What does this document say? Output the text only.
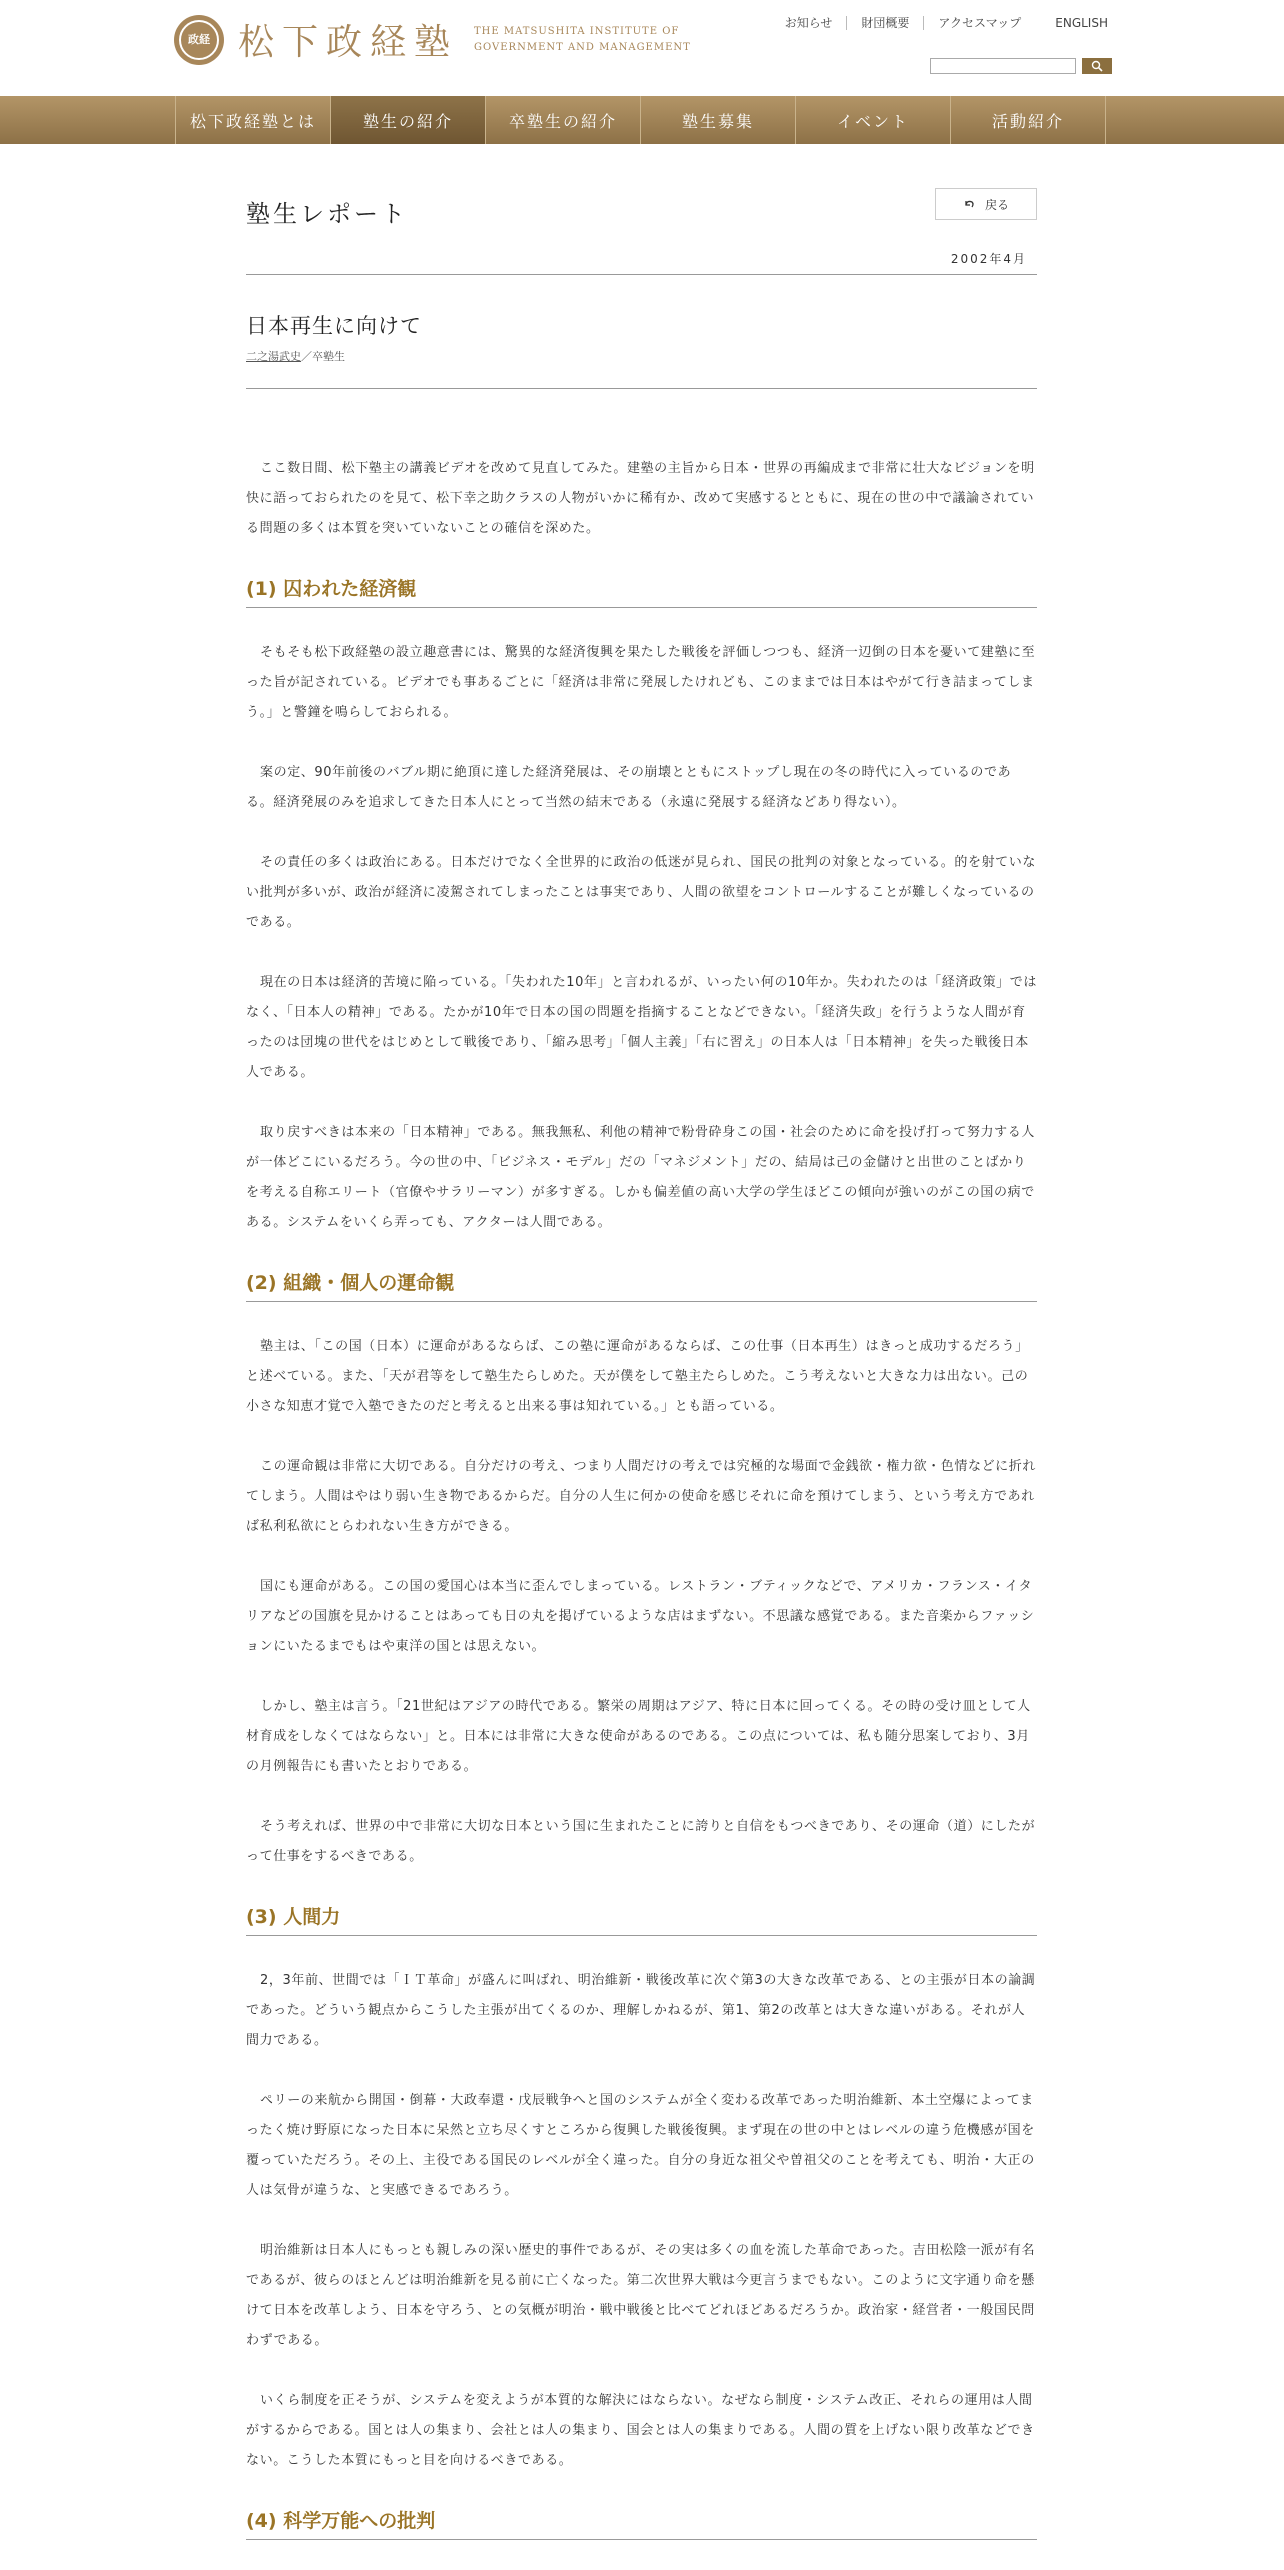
政経 松下政経塾 THE MATSUSHITA INSTITUTE OF
GOVERNMENT AND MANAGEMENT
お知らせ	財団概要	アクセスマップ	ENGLISH
松下政経塾とは	塾生の紹介	卒塾生の紹介	塾生募集	イベント	活動紹介
塾生レポート	戻る
2002年4月
日本再生に向けて
二之湯武史／卒塾生

ここ数日間、松下塾主の講義ビデオを改めて見直してみた。建塾の主旨から日本・世界の再編成まで非常に壮大なビジョンを明快に語っておられたのを見て、松下幸之助クラスの人物がいかに稀有か、改めて実感するとともに、現在の世の中で議論されている問題の多くは本質を突いていないことの確信を深めた。

(1) 囚われた経済観

そもそも松下政経塾の設立趣意書には、驚異的な経済復興を果たした戦後を評価しつつも、経済一辺倒の日本を憂いて建塾に至った旨が記されている。ビデオでも事あるごとに「経済は非常に発展したけれども、このままでは日本はやがて行き詰まってしまう。」と警鐘を鳴らしておられる。

案の定、90年前後のバブル期に絶頂に達した経済発展は、その崩壊とともにストップし現在の冬の時代に入っているのである。経済発展のみを追求してきた日本人にとって当然の結末である（永遠に発展する経済などあり得ない）。

その責任の多くは政治にある。日本だけでなく全世界的に政治の低迷が見られ、国民の批判の対象となっている。的を射ていない批判が多いが、政治が経済に凌駕されてしまったことは事実であり、人間の欲望をコントロールすることが難しくなっているのである。

現在の日本は経済的苦境に陥っている。「失われた10年」と言われるが、いったい何の10年か。失われたのは「経済政策」ではなく、「日本人の精神」である。たかが10年で日本の国の問題を指摘することなどできない。「経済失政」を行うような人間が育ったのは団塊の世代をはじめとして戦後であり、「縮み思考」「個人主義」「右に習え」の日本人は「日本精神」を失った戦後日本人である。

取り戻すべきは本来の「日本精神」である。無我無私、利他の精神で粉骨砕身この国・社会のために命を投げ打って努力する人が一体どこにいるだろう。今の世の中、「ビジネス・モデル」だの「マネジメント」だの、結局は己の金儲けと出世のことばかりを考える自称エリート（官僚やサラリーマン）が多すぎる。しかも偏差値の高い大学の学生ほどこの傾向が強いのがこの国の病である。システムをいくら弄っても、アクターは人間である。

(2) 組織・個人の運命観

塾主は、「この国（日本）に運命があるならば、この塾に運命があるならば、この仕事（日本再生）はきっと成功するだろう」と述べている。また、「天が君等をして塾生たらしめた。天が僕をして塾主たらしめた。こう考えないと大きな力は出ない。己の小さな知恵才覚で入塾できたのだと考えると出来る事は知れている。」とも語っている。

この運命観は非常に大切である。自分だけの考え、つまり人間だけの考えでは究極的な場面で金銭欲・権力欲・色情などに折れてしまう。人間はやはり弱い生き物であるからだ。自分の人生に何かの使命を感じそれに命を預けてしまう、という考え方であれば私利私欲にとらわれない生き方ができる。

国にも運命がある。この国の愛国心は本当に歪んでしまっている。レストラン・ブティックなどで、アメリカ・フランス・イタリアなどの国旗を見かけることはあっても日の丸を掲げているような店はまずない。不思議な感覚である。また音楽からファッションにいたるまでもはや東洋の国とは思えない。

しかし、塾主は言う。「21世紀はアジアの時代である。繁栄の周期はアジア、特に日本に回ってくる。その時の受け皿として人材育成をしなくてはならない」と。日本には非常に大きな使命があるのである。この点については、私も随分思案しており、3月の月例報告にも書いたとおりである。

そう考えれば、世界の中で非常に大切な日本という国に生まれたことに誇りと自信をもつべきであり、その運命（道）にしたがって仕事をするべきである。

(3) 人間力

2，3年前、世間では「ＩＴ革命」が盛んに叫ばれ、明治維新・戦後改革に次ぐ第3の大きな改革である、との主張が日本の論調であった。どういう観点からこうした主張が出てくるのか、理解しかねるが、第1、第2の改革とは大きな違いがある。それが人間力である。

ペリーの来航から開国・倒幕・大政奉還・戊辰戦争へと国のシステムが全く変わる改革であった明治維新、本土空爆によってまったく焼け野原になった日本に呆然と立ち尽くすところから復興した戦後復興。まず現在の世の中とはレベルの違う危機感が国を覆っていただろう。その上、主役である国民のレベルが全く違った。自分の身近な祖父や曽祖父のことを考えても、明治・大正の人は気骨が違うな、と実感できるであろう。

明治維新は日本人にもっとも親しみの深い歴史的事件であるが、その実は多くの血を流した革命であった。吉田松陰一派が有名であるが、彼らのほとんどは明治維新を見る前に亡くなった。第二次世界大戦は今更言うまでもない。このように文字通り命を懸けて日本を改革しよう、日本を守ろう、との気概が明治・戦中戦後と比べてどれほどあるだろうか。政治家・経営者・一般国民問わずである。

いくら制度を正そうが、システムを変えようが本質的な解決にはならない。なぜなら制度・システム改正、それらの運用は人間がするからである。国とは人の集まり、会社とは人の集まり、国会とは人の集まりである。人間の質を上げない限り改革などできない。こうした本質にもっと目を向けるべきである。

(4) 科学万能への批判
